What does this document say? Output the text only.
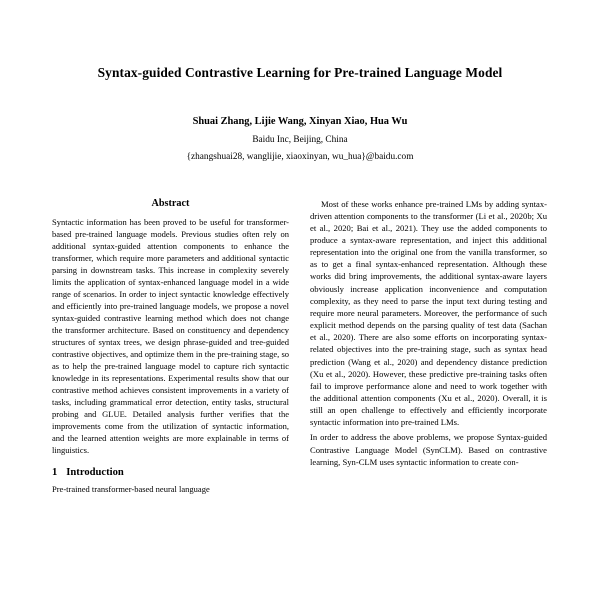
Syntax-guided Contrastive Learning for Pre-trained Language Model
Shuai Zhang, Lijie Wang, Xinyan Xiao, Hua Wu
Baidu Inc, Beijing, China
{zhangshuai28, wanglijie, xiaoxinyan, wu_hua}@baidu.com
Abstract

Syntactic information has been proved to be useful for transformer-based pre-trained language models. Previous studies often rely on additional syntax-guided attention components to enhance the transformer, which require more parameters and additional syntactic parsing in downstream tasks. This increase in complexity severely limits the application of syntax-enhanced language model in a wide range of scenarios. In order to inject syntactic knowledge effectively and efficiently into pre-trained language models, we propose a novel syntax-guided contrastive learning method which does not change the transformer architecture. Based on constituency and dependency structures of syntax trees, we design phrase-guided and tree-guided contrastive objectives, and optimize them in the pre-training stage, so as to help the pre-trained language model to capture rich syntactic knowledge in its representations. Experimental results show that our contrastive method achieves consistent improvements in a variety of tasks, including grammatical error detection, entity tasks, structural probing and GLUE. Detailed analysis further verifies that the improvements come from the utilization of syntactic information, and the learned attention weights are more explainable in terms of linguistics.

1 Introduction

Pre-trained transformer-based neural language

Most of these works enhance pre-trained LMs by adding syntax-driven attention components to the transformer (Li et al., 2020b; Xu et al., 2020; Bai et al., 2021). They use the added components to produce a syntax-aware representation, and inject this additional representation into the original one from the vanilla transformer, so as to get a final syntax-enhanced representation. Although these works did bring improvements, the additional syntax-aware layers obviously increase application inconvenience and computation complexity, as they need to parse the input text during testing and require more neural parameters. Moreover, the performance of such explicit method depends on the parsing quality of test data (Sachan et al., 2020). There are also some efforts on incorporating syntax-related objectives into the pre-training stage, such as syntax head prediction (Wang et al., 2020) and dependency distance prediction (Xu et al., 2020). However, these predictive pre-training tasks often fail to improve performance alone and need to work together with the additional attention components (Xu et al., 2020). Overall, it is still an open challenge to effectively and efficiently incorporate syntactic information into pre-trained LMs.

In order to address the above problems, we propose Syntax-guided Contrastive Language Model (SynCLM). Based on contrastive learning, Syn-CLM uses syntactic information to create con-
